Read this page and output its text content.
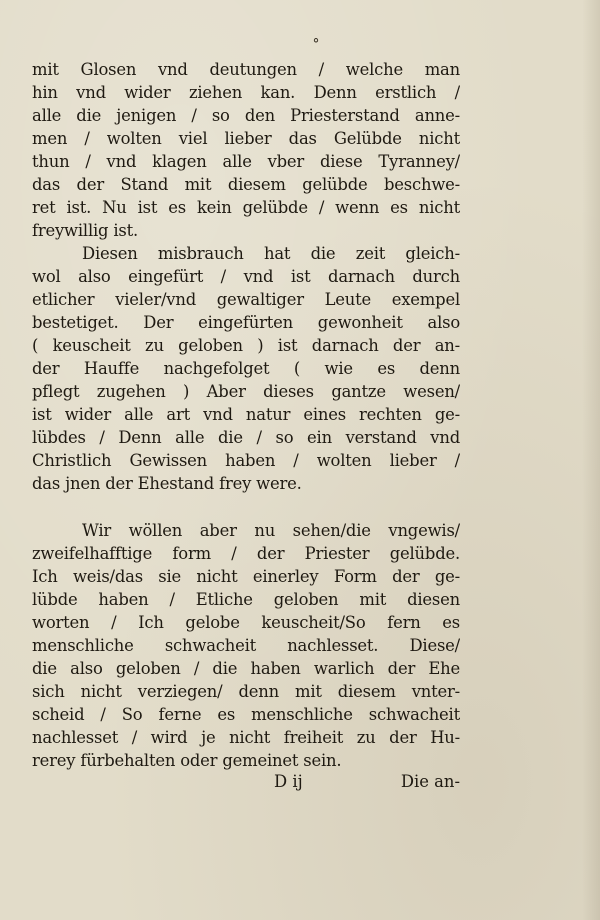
˚
mit Glosen vnd deutungen / welche man
hin vnd wider ziehen kan. Denn erstlich /
alle die jenigen / so den Priesterstand anne-
men / wolten viel lieber das Gelübde nicht
thun / vnd klagen alle vber diese Tyranney/
das der Stand mit diesem gelübde beschwe-
ret ist. Nu ist es kein gelübde / wenn es nicht
freywillig ist.
Diesen misbrauch hat die zeit gleich-
wol also eingefürt / vnd ist darnach durch
etlicher vieler/vnd gewaltiger Leute exempel
bestetiget. Der eingefürten gewonheit also
( keuscheit zu geloben ) ist darnach der an-
der Hauffe nachgefolget ( wie es denn
pflegt zugehen ) Aber dieses gantze wesen/
ist wider alle art vnd natur eines rechten ge-
lübdes / Denn alle die / so ein verstand vnd
Christlich Gewissen haben / wolten lieber /
das jnen der Ehestand frey were.
Wir wöllen aber nu sehen/die vngewis/
zweifelhafftige form / der Priester gelübde.
Ich weis/das sie nicht einerley Form der ge-
lübde haben / Etliche geloben mit diesen
worten / Ich gelobe keuscheit/So fern es
menschliche schwacheit nachlesset. Diese/
die also geloben / die haben warlich der Ehe
sich nicht verziegen/ denn mit diesem vnter-
scheid / So ferne es menschliche schwacheit
nachlesset / wird je nicht freiheit zu der Hu-
rerey fürbehalten oder gemeinet sein.
D ij	Die an-
